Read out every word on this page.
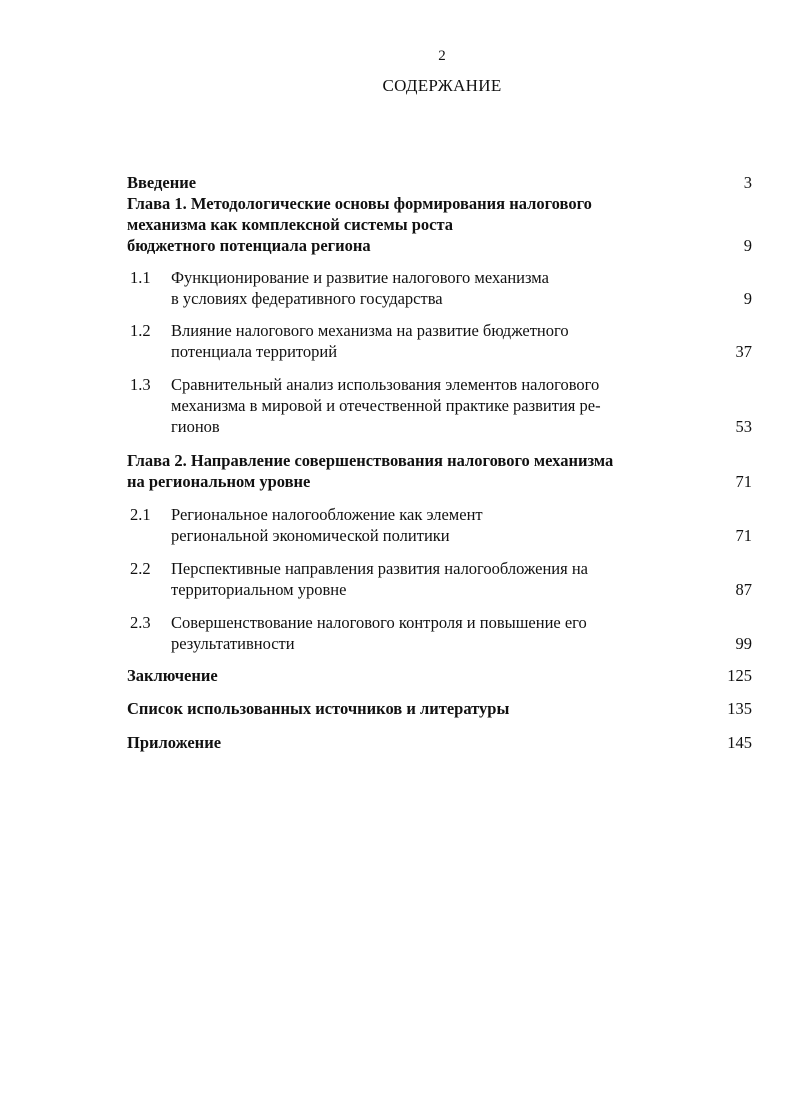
2
СОДЕРЖАНИЕ
Введение	3
Глава 1. Методологические основы формирования налогового
механизма как комплексной системы роста
бюджетного потенциала региона	9
1.1 Функционирование и развитие налогового механизма
в условиях федеративного государства	9
1.2 Влияние налогового механизма на развитие бюджетного
потенциала территорий	37
1.3 Сравнительный анализ использования элементов налогового
механизма в мировой и отечественной практике развития ре-
гионов	53
Глава 2. Направление совершенствования налогового механизма
на региональном уровне	71
2.1 Региональное налогообложение как элемент
региональной экономической политики	71
2.2 Перспективные направления развития налогообложения на
территориальном уровне	87
2.3 Совершенствование налогового контроля и повышение его
результативности	99
Заключение	125
Список использованных источников и литературы	135
Приложение	145
